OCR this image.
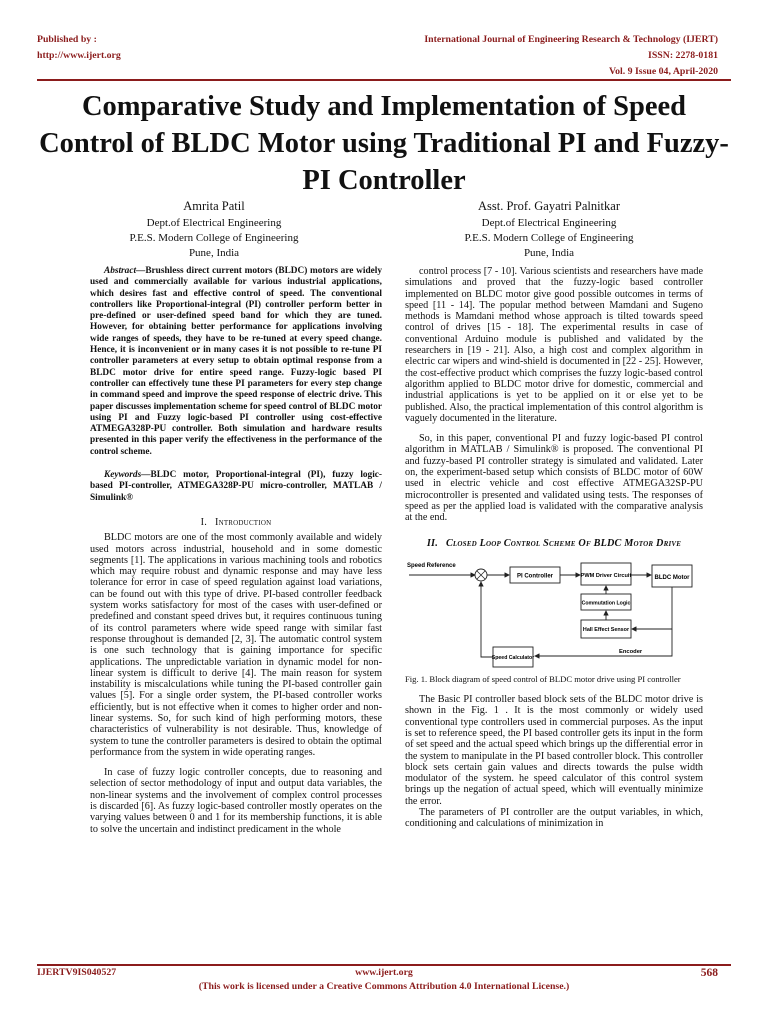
Published by :
http://www.ijert.org
International Journal of Engineering Research & Technology (IJERT)
ISSN: 2278-0181
Vol. 9 Issue 04, April-2020
Comparative Study and Implementation of Speed Control of BLDC Motor using Traditional PI and Fuzzy-PI Controller
Amrita Patil
Dept.of Electrical Engineering
P.E.S. Modern College of Engineering
Pune, India
Asst. Prof. Gayatri Palnitkar
Dept.of Electrical Engineering
P.E.S. Modern College of Engineering
Pune, India

Abstract—Brushless direct current motors (BLDC) motors are widely used and commercially available for various industrial applications, which desires fast and effective control of speed. The conventional controllers like Proportional-integral (PI) controller perform better in pre-defined or user-defined speed band for which they are tuned. However, for obtaining better performance for applications involving wide ranges of speeds, they have to be re-tuned at every speed change. Hence, it is inconvenient or in many cases it is not possible to re-tune PI controller parameters at every setup to obtain optimal response from a BLDC motor drive for entire speed range. Fuzzy-logic based PI controller can effectively tune these PI parameters for every step change in command speed and improve the speed response of electric drive. This paper discusses implementation scheme for speed control of BLDC motor using PI and Fuzzy logic-based PI controller using cost-effective ATMEGA328P-PU controller. Both simulation and hardware results presented in this paper verify the effectiveness in the performance of the control scheme.

Keywords—BLDC motor, Proportional-integral (PI), fuzzy logic-based PI-controller, ATMEGA328P-PU micro-controller, MATLAB / Simulink®

I. Introduction

BLDC motors are one of the most commonly available and widely used motors across industrial, household and in some domestic segments [1]. The applications in various machining tools and robotics which may require robust and dynamic response and may have less tolerance for error in case of speed regulation against load variations, can be found out with this type of drive. PI-based controller feedback system works satisfactory for most of the cases with user-defined or predefined and constant speed drives but, it requires continuous tuning of its control parameters where wide speed range with similar fast response throughout is demanded [2, 3]. The automatic control system is one such technology that is gaining importance for specific applications. The unpredictable variation in dynamic model for non-linear system is difficult to derive [4]. The main reason for system instability is miscalculations while tuning the PI-based controller gain values [5]. For a single order system, the PI-based controller works efficiently, but is not effective when it comes to higher order and non-linear systems. So, for such kind of high performing motors, these characteristics of vulnerability is not desirable. Thus, knowledge of system to tune the controller parameters is desired to obtain the optimal performance from the system in wide operating ranges.

In case of fuzzy logic controller concepts, due to reasoning and selection of sector methodology of input and output data variables, the non-linear systems and the involvement of complex control processes is discarded [6]. As fuzzy logic-based controller mostly operates on the varying values between 0 and 1 for its membership functions, it is able to solve the uncertain and indistinct predicament in the whole

control process [7 - 10]. Various scientists and researchers have made simulations and proved that the fuzzy-logic based controller implemented on BLDC motor give good possible outcomes in terms of speed [11 - 14]. The popular method between Mamdani and Sugeno methods is Mamdani method whose approach is tilted towards speed control of drives [15 - 18]. The experimental results in case of conventional Arduino module is published and validated by the researchers in [19 - 21]. Also, a high cost and complex algorithm in electric car wipers and wind-shield is documented in [22 - 25]. However, the cost-effective product which comprises the fuzzy logic-based control algorithm applied to BLDC motor drive for domestic, commercial and industrial applications is yet to be applied on it or else yet to be published. Also, the practical implementation of this control algorithm is vaguely documented in the literature.

So, in this paper, conventional PI and fuzzy logic-based PI control algorithm in MATLAB / Simulink® is proposed. The conventional PI and fuzzy-based PI controller strategy is simulated and validated. Later on, the experiment-based setup which consists of BLDC motor of 60W used in electric vehicle and cost effective ATMEGA32SP-PU microcontroller is presented and validated using tests. The responses of speed as per the applied load is validated with the comparative analysis at the end.

II. Closed Loop Control Scheme Of BLDC Motor Drive
Speed Reference
PI Controller	PWM Driver Circuit	BLDC Motor
Commutation Logic
Hall Effect Sensor
Encoder
Speed Calculator

Fig. 1. Block diagram of speed control of BLDC motor drive using PI controller

The Basic PI controller based block sets of the BLDC motor drive is shown in the Fig. 1 . It is the most commonly or widely used conventional type controllers used in commercial purposes. As the input is set to reference speed, the PI based controller gets its input in the form of set speed and the actual speed which brings up the differential error in the system to manipulate in the PI based controller block. This controller block sets certain gain values and directs towards the pulse width modulator of the system. he speed calculator of this control system brings up the negation of actual speed, which will eventually minimize the error.

The parameters of PI controller are the output variables, in which, conditioning and calculations of minimization in

IJERTV9IS040527	www.ijert.org
(This work is licensed under a Creative Commons Attribution 4.0 International License.)
568
